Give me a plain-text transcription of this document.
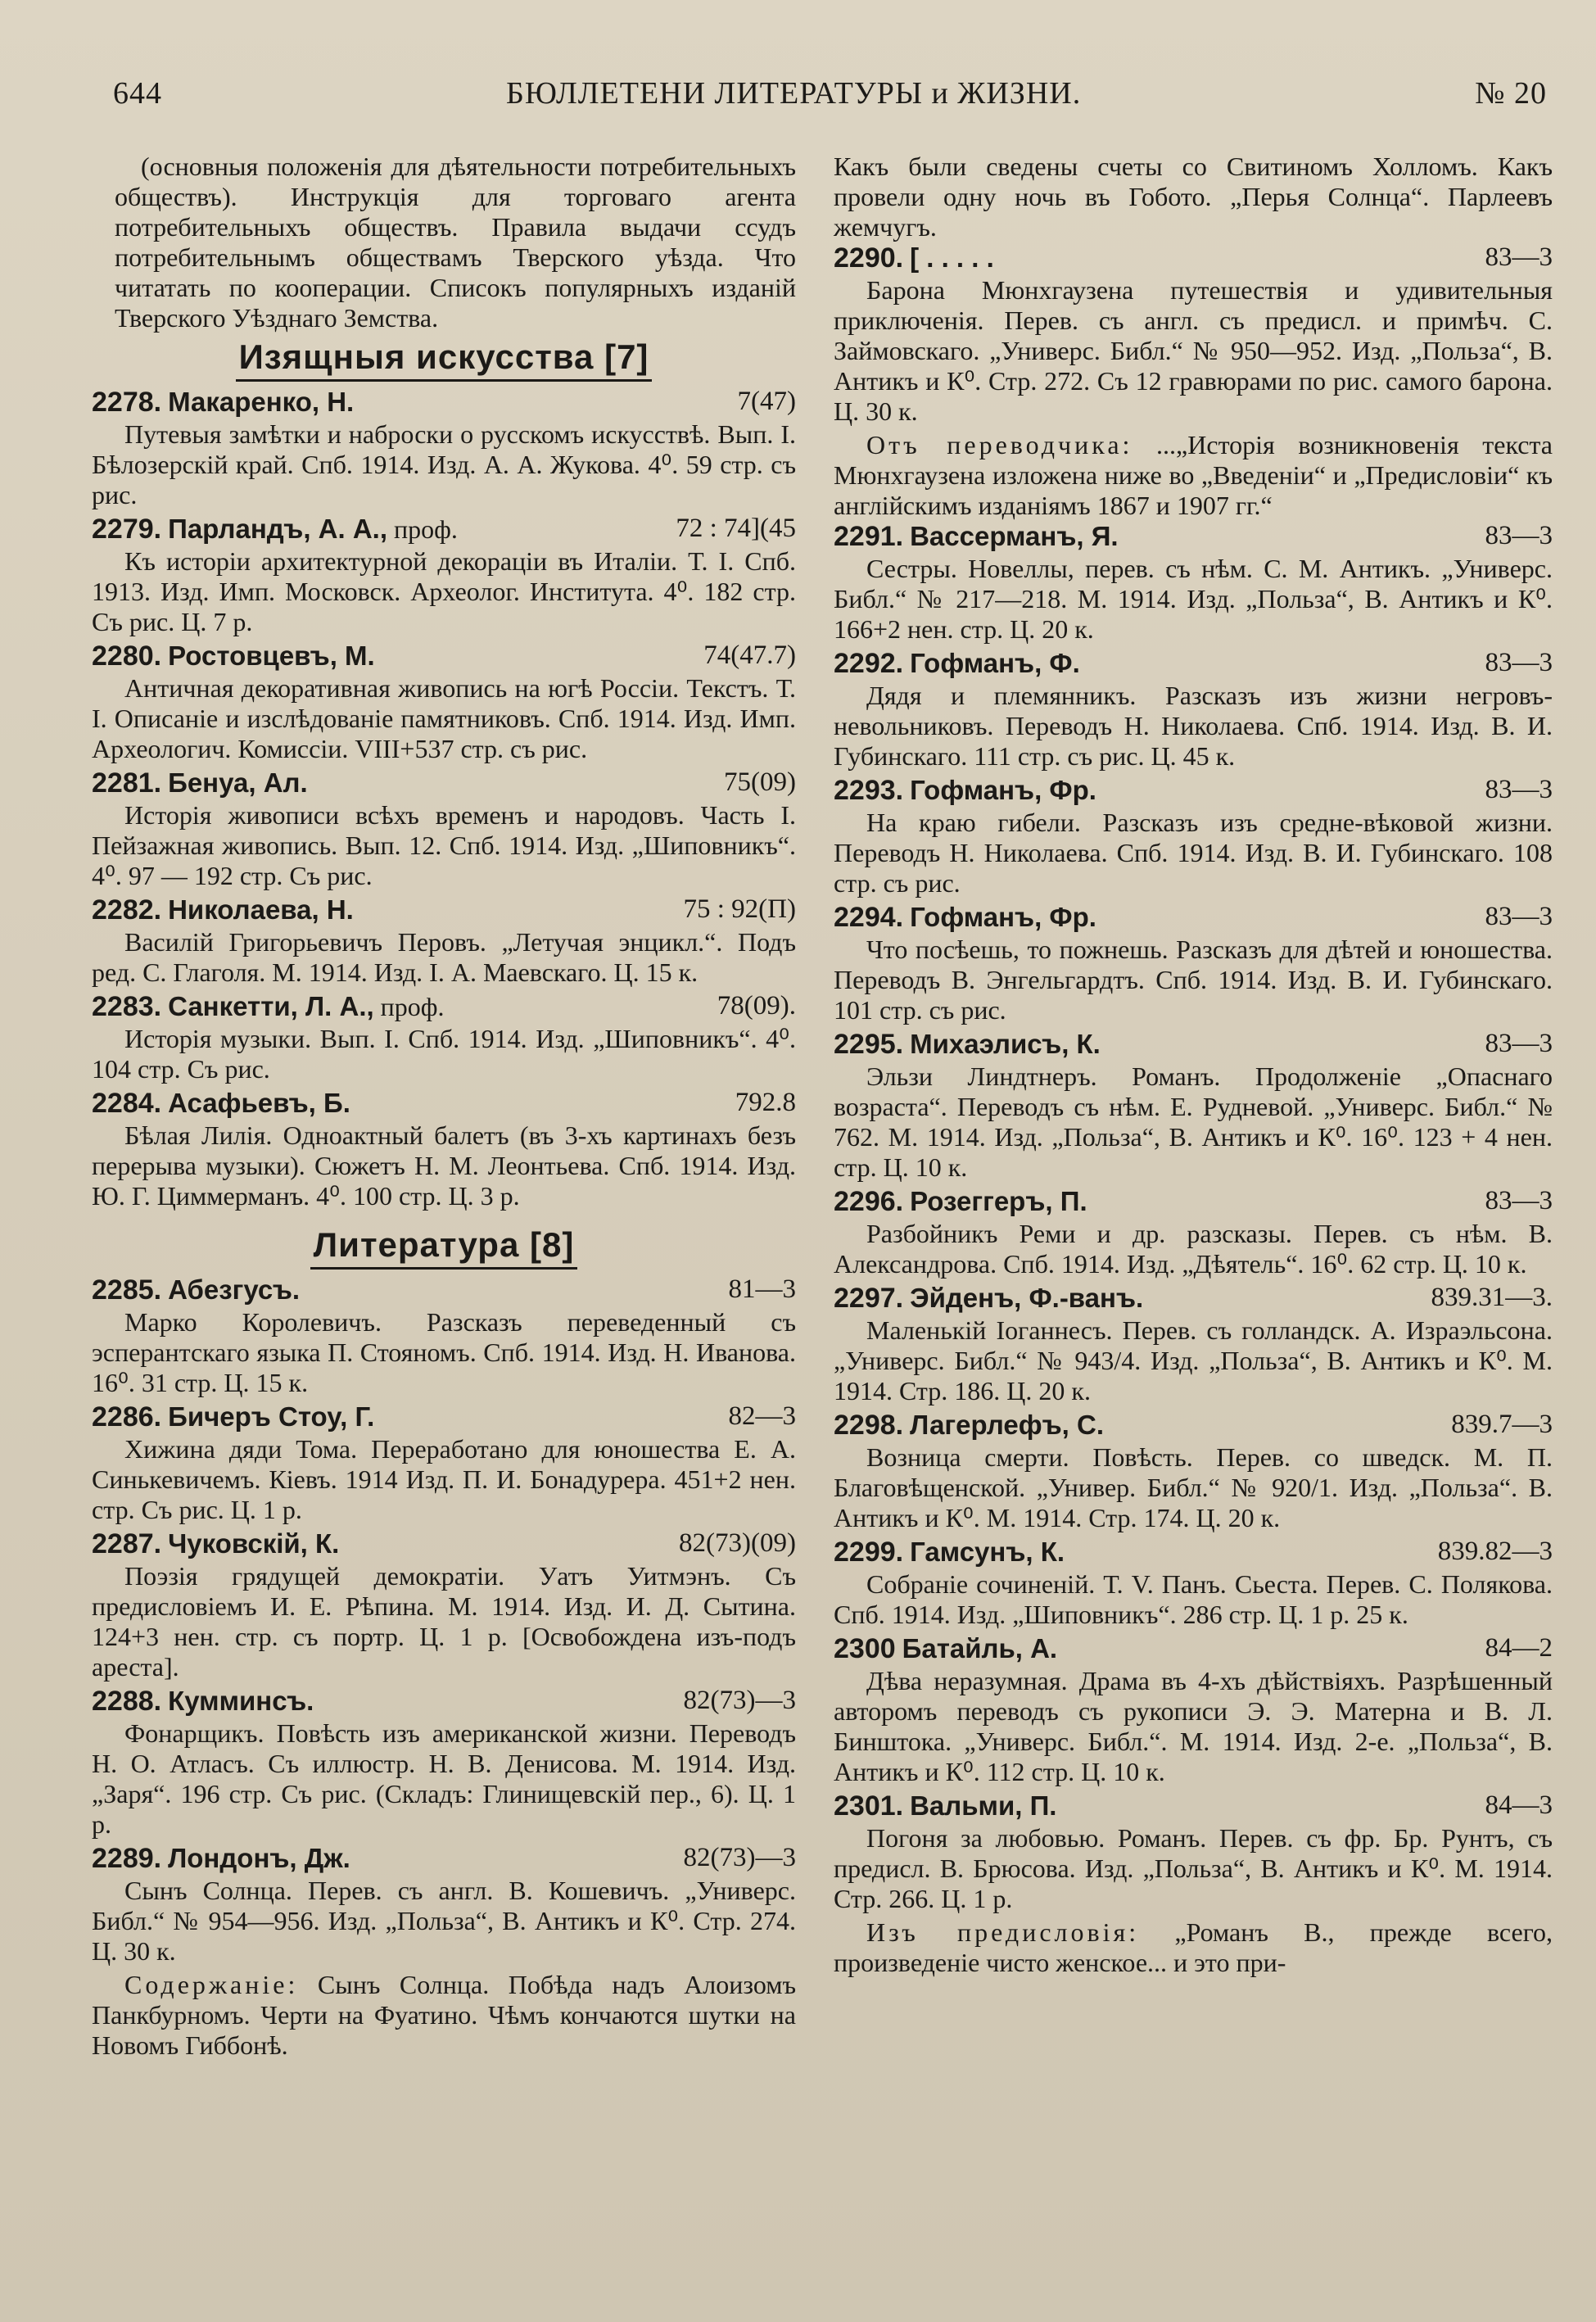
644	БЮЛЛЕТЕНИ ЛИТЕРАТУРЫ и ЖИЗНИ.	№ 20

(основныя положенія для дѣятельности потребительныхъ обществъ). Инструкція для торговаго агента потребительныхъ обществъ. Правила выдачи ссудъ потребительнымъ обществамъ Тверского уѣзда. Что читатать по кооперации. Списокъ популярныхъ изданій Тверского Уѣзднаго Земства.

Изящныя искусства [7]
2278. Макаренко, Н.	7(47)

Путевыя замѣтки и наброски о русскомъ искусствѣ. Вып. I. Бѣлозерскій край. Спб. 1914. Изд. А. А. Жукова. 4⁰. 59 стр. съ рис.

2279. Парландъ, А. А., проф.	72 : 74](45

Къ исторіи архитектурной декораціи въ Италіи. Т. I. Спб. 1913. Изд. Имп. Московск. Археолог. Института. 4⁰. 182 стр. Съ рис. Ц. 7 р.

2280. Ростовцевъ, М.	74(47.7)

Античная декоративная живопись на югѣ Россіи. Текстъ. Т. I. Описаніе и изслѣдованіе памятниковъ. Спб. 1914. Изд. Имп. Археологич. Комиссіи. VIII+537 стр. съ рис.

2281. Бенуа, Ал.	75(09)

Исторія живописи всѣхъ временъ и народовъ. Часть I. Пейзажная живопись. Вып. 12. Спб. 1914. Изд. „Шиповникъ“. 4⁰. 97 — 192 стр. Съ рис.

2282. Николаева, Н.	75 : 92(П)

Василій Григорьевичъ Перовъ. „Летучая энцикл.“. Подъ ред. С. Глаголя. М. 1914. Изд. I. А. Маевскаго. Ц. 15 к.

2283. Санкетти, Л. А., проф.	78(09).

Исторія музыки. Вып. I. Спб. 1914. Изд. „Шиповникъ“. 4⁰. 104 стр. Съ рис.

2284. Асафьевъ, Б.	792.8

Бѣлая Лилія. Одноактный балетъ (въ 3-хъ картинахъ безъ перерыва музыки). Сюжетъ Н. М. Леонтьева. Спб. 1914. Изд. Ю. Г. Циммерманъ. 4⁰. 100 стр. Ц. 3 р.

Литература [8]
2285. Абезгусъ.	81—3

Марко Королевичъ. Разсказъ переведенный съ эсперантскаго языка П. Стояномъ. Спб. 1914. Изд. Н. Иванова. 16⁰. 31 стр. Ц. 15 к.

2286. Бичеръ Стоу, Г.	82—3

Хижина дяди Тома. Переработано для юношества Е. А. Синькевичемъ. Кіевъ. 1914 Изд. П. И. Бонадурера. 451+2 нен. стр. Съ рис. Ц. 1 р.

2287. Чуковскій, К.	82(73)(09)

Поэзія грядущей демократіи. Уатъ Уитмэнъ. Съ предисловіемъ И. Е. Рѣпина. М. 1914. Изд. И. Д. Сытина. 124+3 нен. стр. съ портр. Ц. 1 р. [Освобождена изъ-подъ ареста].

2288. Кумминсъ.	82(73)—3

Фонарщикъ. Повѣсть изъ американской жизни. Переводъ Н. О. Атласъ. Съ иллюстр. Н. В. Денисова. М. 1914. Изд. „Заря“. 196 стр. Съ рис. (Складъ: Глинищевскій пер., 6). Ц. 1 р.

2289. Лондонъ, Дж.	82(73)—3

Сынъ Солнца. Перев. съ англ. В. Кошевичъ. „Универс. Библ.“ № 954—956. Изд. „Польза“, В. Антикъ и К⁰. Стр. 274. Ц. 30 к.

Содержаніе: Сынъ Солнца. Побѣда надъ Алоизомъ Панкбурномъ. Черти на Фуатино. Чѣмъ кончаются шутки на Новомъ Гиббонѣ.

Какъ были сведены счеты со Свитиномъ Холломъ. Какъ провели одну ночь въ Гобото. „Перья Солнца“. Парлеевъ жемчугъ.

2290. [ . . . . .	83—3

Барона Мюнхгаузена путешествія и удивительныя приключенія. Перев. съ англ. съ предисл. и примѣч. С. Займовскаго. „Универс. Библ.“ № 950—952. Изд. „Польза“, В. Антикъ и К⁰. Стр. 272. Съ 12 гравюрами по рис. самого барона. Ц. 30 к.

Отъ переводчика: ...„Исторія возникновенія текста Мюнхгаузена изложена ниже во „Введеніи“ и „Предисловіи“ къ англійскимъ изданіямъ 1867 и 1907 гг.“

2291. Вассерманъ, Я.	83—3

Сестры. Новеллы, перев. съ нѣм. С. М. Антикъ. „Универс. Библ.“ № 217—218. М. 1914. Изд. „Польза“, В. Антикъ и К⁰. 166+2 нен. стр. Ц. 20 к.

2292. Гофманъ, Ф.	83—3

Дядя и племянникъ. Разсказъ изъ жизни негровъ-невольниковъ. Переводъ Н. Николаева. Спб. 1914. Изд. В. И. Губинскаго. 111 стр. съ рис. Ц. 45 к.

2293. Гофманъ, Фр.	83—3

На краю гибели. Разсказъ изъ средне-вѣковой жизни. Переводъ Н. Николаева. Спб. 1914. Изд. В. И. Губинскаго. 108 стр. съ рис.

2294. Гофманъ, Фр.	83—3

Что посѣешь, то пожнешь. Разсказъ для дѣтей и юношества. Переводъ В. Энгельгардтъ. Спб. 1914. Изд. В. И. Губинскаго. 101 стр. съ рис.

2295. Михаэлисъ, К.	83—3

Эльзи Линдтнеръ. Романъ. Продолженіе „Опаснаго возраста“. Переводъ съ нѣм. Е. Рудневой. „Универс. Библ.“ № 762. М. 1914. Изд. „Польза“, В. Антикъ и К⁰. 16⁰. 123 + 4 нен. стр. Ц. 10 к.

2296. Розеггеръ, П.	83—3

Разбойникъ Реми и др. разсказы. Перев. съ нѣм. В. Александрова. Спб. 1914. Изд. „Дѣятель“. 16⁰. 62 стр. Ц. 10 к.

2297. Эйденъ, Ф.-ванъ.	839.31—3.

Маленькій Іоганнесъ. Перев. съ голландск. А. Израэльсона. „Универс. Библ.“ № 943/4. Изд. „Польза“, В. Антикъ и К⁰. М. 1914. Стр. 186. Ц. 20 к.

2298. Лагерлефъ, С.	839.7—3

Возница смерти. Повѣсть. Перев. со шведск. М. П. Благовѣщенской. „Универ. Библ.“ № 920/1. Изд. „Польза“. В. Антикъ и К⁰. М. 1914. Стр. 174. Ц. 20 к.

2299. Гамсунъ, К.	839.82—3

Собраніе сочиненій. Т. V. Панъ. Сьеста. Перев. С. Полякова. Спб. 1914. Изд. „Шиповникъ“. 286 стр. Ц. 1 р. 25 к.

2300 Батайль, А.	84—2

Дѣва неразумная. Драма въ 4-хъ дѣйствіяхъ. Разрѣшенный авторомъ переводъ съ рукописи Э. Э. Матерна и В. Л. Бинштока. „Универс. Библ.“. М. 1914. Изд. 2-е. „Польза“, В. Антикъ и К⁰. 112 стр. Ц. 10 к.

2301. Вальми, П.	84—3

Погоня за любовью. Романъ. Перев. съ фр. Бр. Рунтъ, съ предисл. В. Брюсова. Изд. „Польза“, В. Антикъ и К⁰. М. 1914. Стр. 266. Ц. 1 р.

Изъ предисловія: „Романъ В., прежде всего, произведеніе чисто женское... и это при-
